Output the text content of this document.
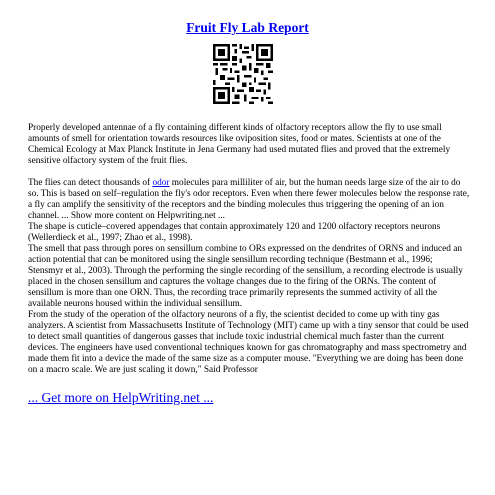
Fruit Fly Lab Report

Properly developed antennae of a fly containing different kinds of olfactory receptors allow the fly to use small amounts of smell for orientation towards resources like oviposition sites, food or mates. Scientists at one of the Chemical Ecology at Max Planck Institute in Jena Germany had used mutated flies and proved that the extremely sensitive olfactory system of the fruit flies.

The flies can detect thousands of odor molecules para milliliter of air, but the human needs large size of the air to do so. This is based on self–regulation the fly's odor receptors. Even when there fewer molecules below the response rate, a fly can amplify the sensitivity of the receptors and the binding molecules thus triggering the opening of an ion channel. ... Show more content on Helpwriting.net ...

The shape is cuticle–covered appendages that contain approximately 120 and 1200 olfactory receptors neurons (Wellerdieck et al., 1997; Zhao et al., 1998).

The smell that pass through pores on sensillum combine to ORs expressed on the dendrites of ORNS and induced an action potential that can be monitored using the single sensillum recording technique (Bestmann et al., 1996; Stensmyr et al., 2003). Through the performing the single recording of the sensillum, a recording electrode is usually placed in the chosen sensillum and captures the voltage changes due to the firing of the ORNs. The content of sensillum is more than one ORN. Thus, the recording trace primarily represents the summed activity of all the available neurons housed within the individual sensillum.

From the study of the operation of the olfactory neurons of a fly, the scientist decided to come up with tiny gas analyzers. A scientist from Massachusetts Institute of Technology (MIT) came up with a tiny sensor that could be used to detect small quantities of dangerous gasses that include toxic industrial chemical much faster than the current devices. The engineers have used conventional techniques known for gas chromatography and mass spectrometry and made them fit into a device the made of the same size as a computer mouse. "Everything we are doing has been done on a macro scale. We are just scaling it down," Said Professor

... Get more on HelpWriting.net ...
